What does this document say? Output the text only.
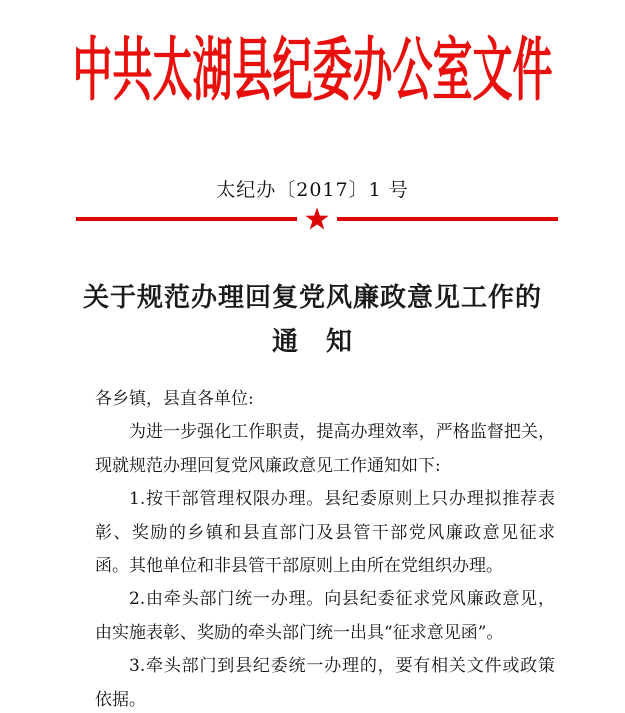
中共太湖县纪委办公室文件
太纪办〔2017〕1 号
关于规范办理回复党风廉政意见工作的
通　知
各乡镇，县直各单位:
为进一步强化工作职责，提高办理效率，严格监督把关，
现就规范办理回复党风廉政意见工作通知如下:
1.按干部管理权限办理。县纪委原则上只办理拟推荐表
彰、奖励的乡镇和县直部门及县管干部党风廉政意见征求
函。其他单位和非县管干部原则上由所在党组织办理。
2.由牵头部门统一办理。向县纪委征求党风廉政意见，
由实施表彰、奖励的牵头部门统一出具“征求意见函”。
3.牵头部门到县纪委统一办理的，要有相关文件或政策
依据。
